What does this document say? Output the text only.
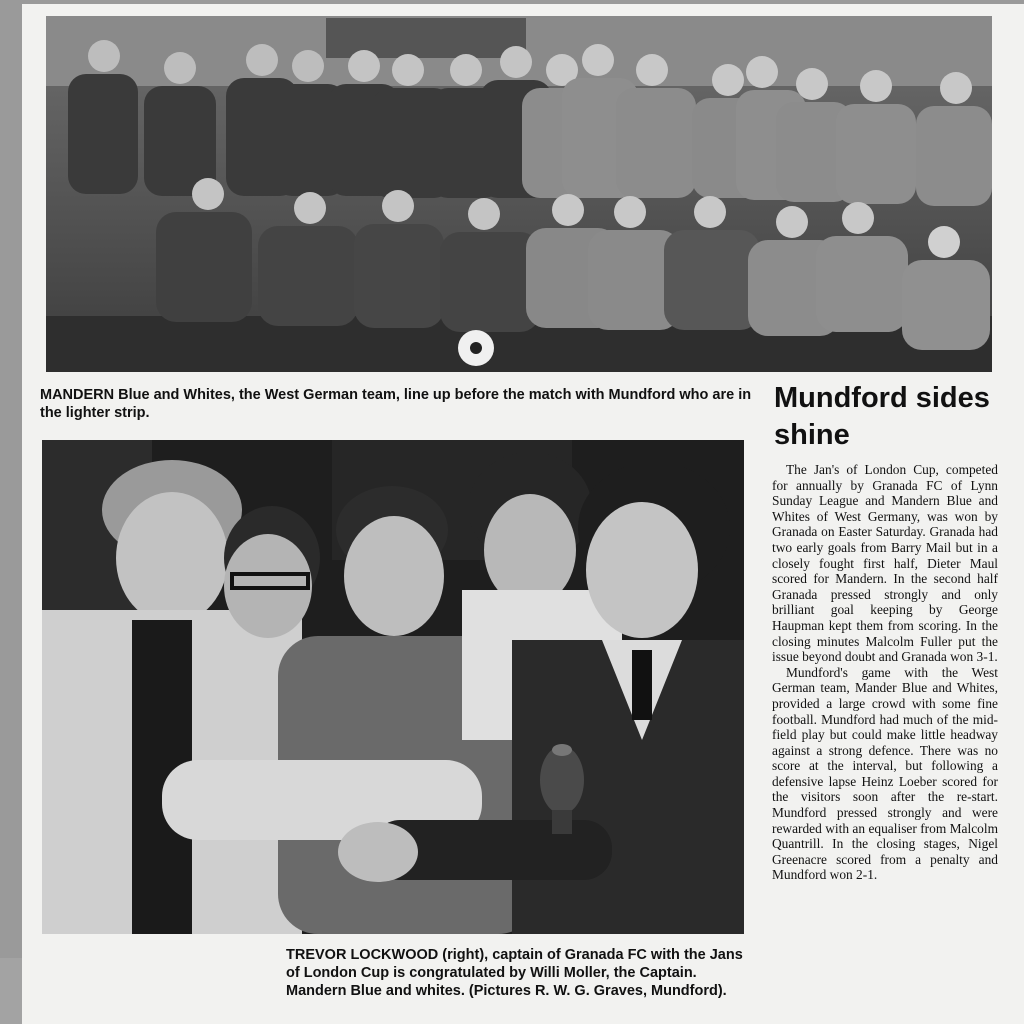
MANDERN Blue and Whites, the West German team, line up before the match with Mundford who are in the lighter strip.	Mundford sides shine
TREVOR LOCKWOOD (right), captain of Granada FC with the Jans of London Cup is congratulated by Willi Moller, the Captain. Mandern Blue and whites. (Pictures R. W. G. Graves, Mundford).

The Jan's of London Cup, competed for annually by Granada FC of Lynn Sunday League and Mandern Blue and Whites of West Germany, was won by Granada on Easter Saturday. Granada had two early goals from Barry Mail but in a closely fought first half, Dieter Maul scored for Mandern. In the second half Granada pressed strongly and only brilliant goal keeping by George Haupman kept them from scoring. In the closing minutes Malcolm Fuller put the issue beyond doubt and Granada won 3-1.

Mundford's game with the West German team, Mander Blue and Whites, provided a large crowd with some fine football. Mundford had much of the mid-field play but could make little headway against a strong defence. There was no score at the interval, but following a defensive lapse Heinz Loeber scored for the visitors soon after the re-start. Mundford pressed strongly and were rewarded with an equaliser from Malcolm Quantrill. In the closing stages, Nigel Greenacre scored from a penalty and Mundford won 2-1.
